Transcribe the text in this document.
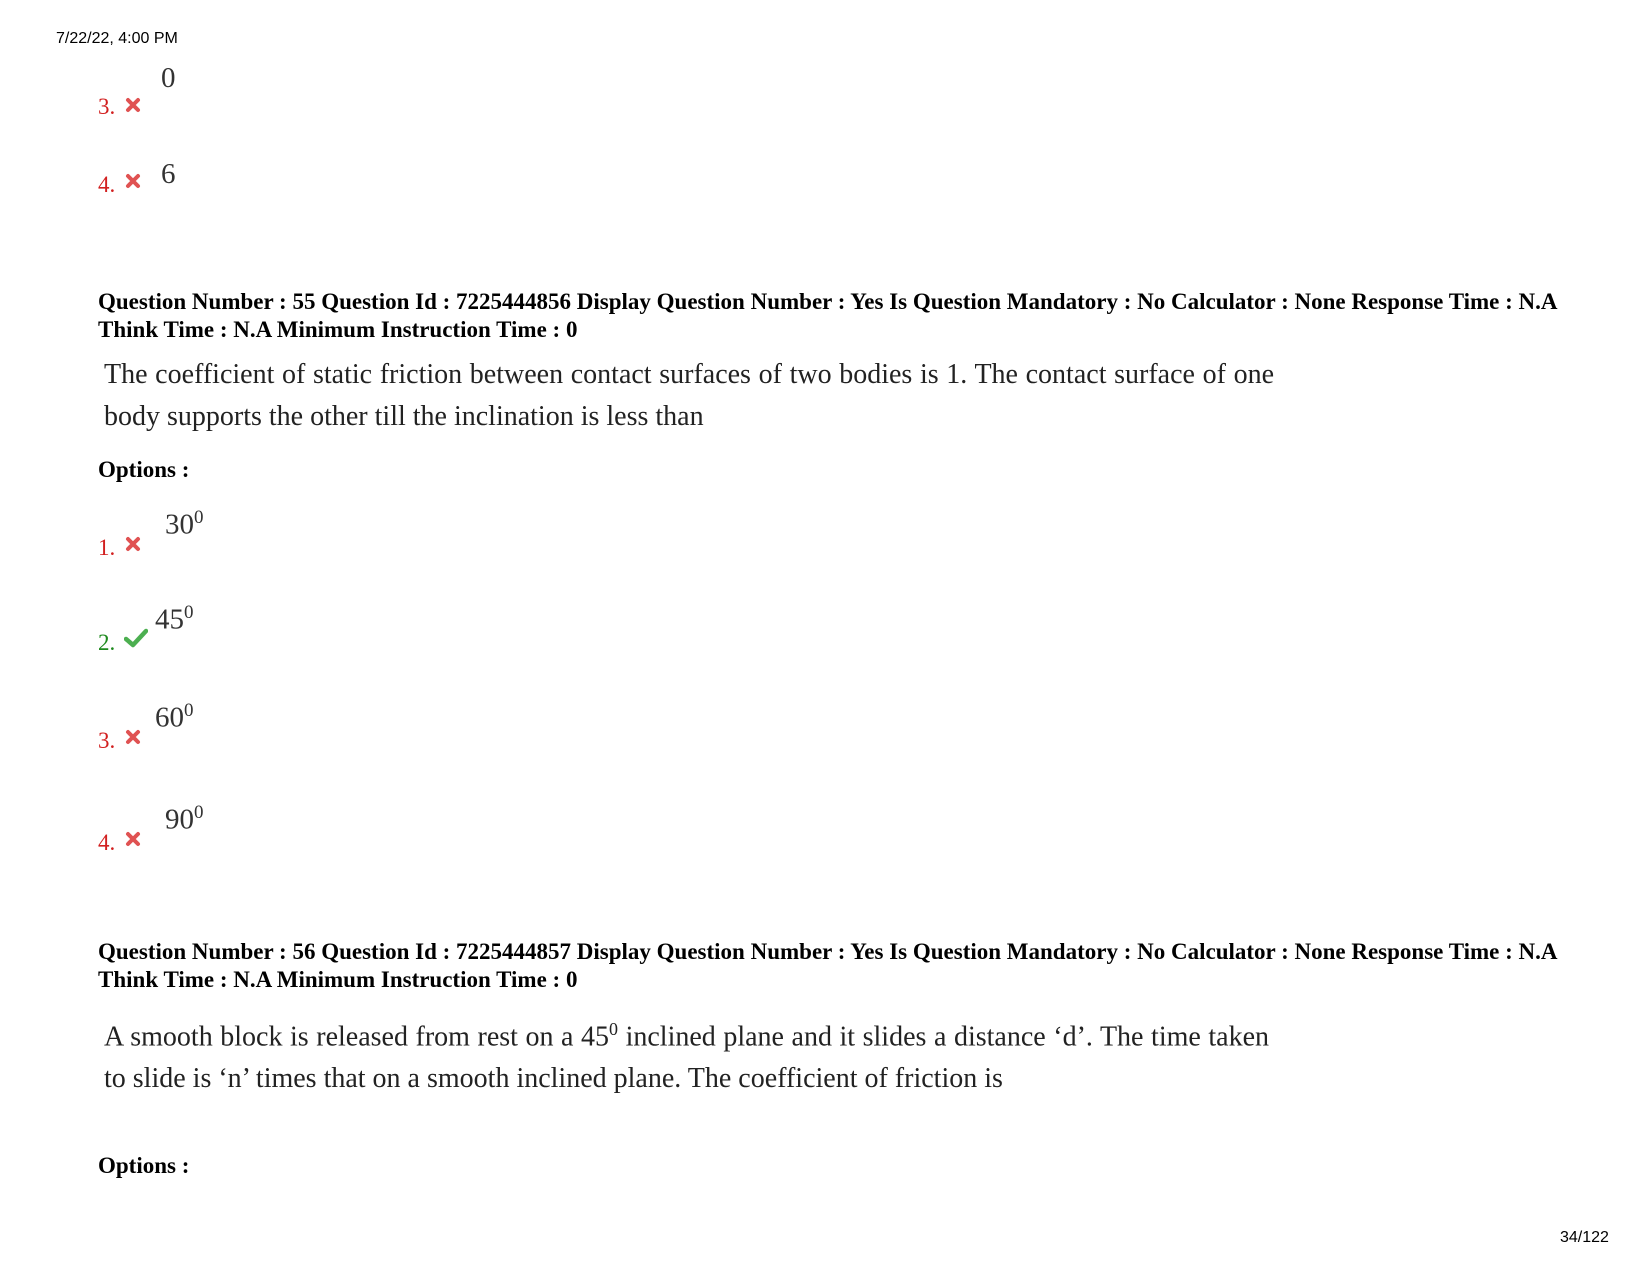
7/22/22, 4:00 PM
3.
0
4. 6
Question Number : 55 Question Id : 7225444856 Display Question Number : Yes Is Question Mandatory : No Calculator : None Response Time : N.A Think Time : N.A Minimum Instruction Time : 0
The coefficient of static friction between contact surfaces of two bodies is 1. The contact surface of one body supports the other till the inclination is less than
Options :
1.
$30^0$
2.
$45^0$
3.
$60^0$
4.
$90^0$
Question Number : 56 Question Id : 7225444857 Display Question Number : Yes Is Question Mandatory : No Calculator : None Response Time : N.A Think Time : N.A Minimum Instruction Time : 0
A smooth block is released from rest on a $45^0$ inclined plane and it slides a distance ‘d’. The time taken to slide is ‘n’ times that on a smooth inclined plane. The coefficient of friction is
Options :
34/122
